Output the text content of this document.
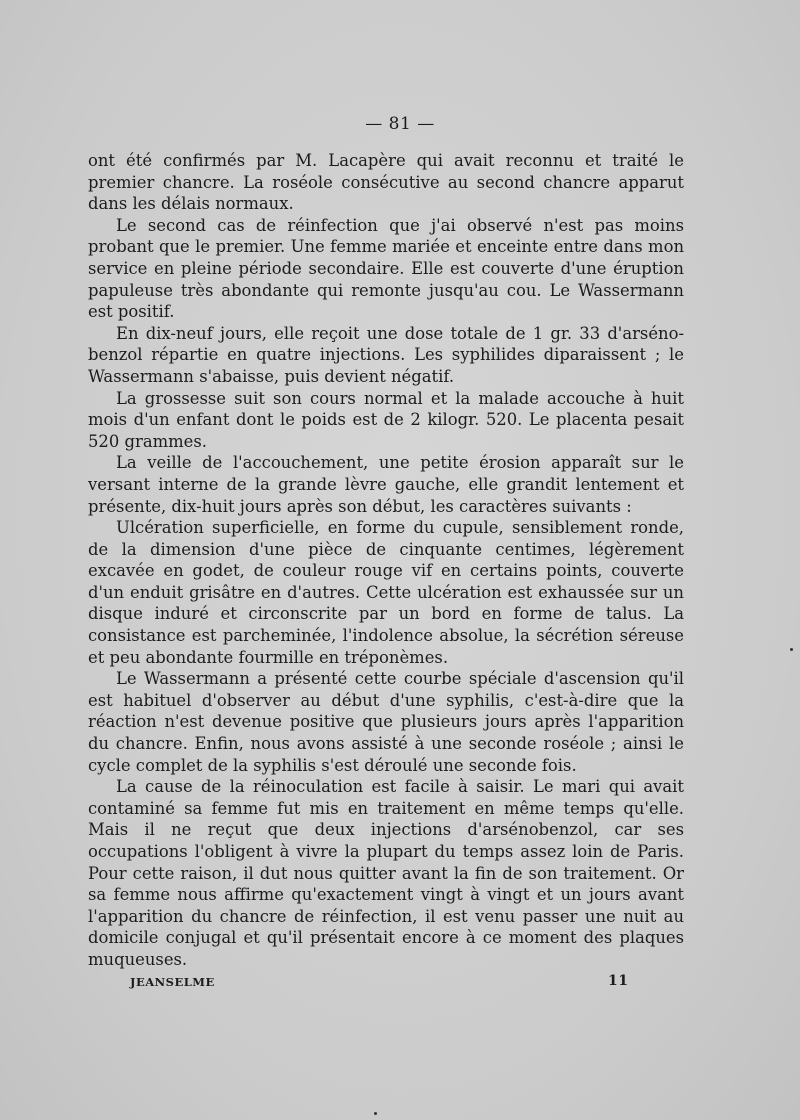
— 81 —

ont été confirmés par M. Lacapère qui avait reconnu et traité le premier chancre. La roséole consécutive au second chancre apparut dans les délais normaux.

Le second cas de réinfection que j'ai observé n'est pas moins probant que le premier. Une femme mariée et enceinte entre dans mon service en pleine période secondaire. Elle est couverte d'une éruption papuleuse très abondante qui remonte jusqu'au cou. Le Wassermann est positif.

En dix-neuf jours, elle reçoit une dose totale de 1 gr. 33 d'arséno-benzol répartie en quatre injections. Les syphilides diparaissent ; le Wassermann s'abaisse, puis devient négatif.

La grossesse suit son cours normal et la malade accouche à huit mois d'un enfant dont le poids est de 2 kilogr. 520. Le placenta pesait 520 grammes.

La veille de l'accouchement, une petite érosion apparaît sur le versant interne de la grande lèvre gauche, elle grandit lentement et présente, dix-huit jours après son début, les caractères suivants :

Ulcération superficielle, en forme du cupule, sensiblement ronde, de la dimension d'une pièce de cinquante centimes, légèrement excavée en godet, de couleur rouge vif en certains points, couverte d'un enduit grisâtre en d'autres. Cette ulcération est exhaussée sur un disque induré et circonscrite par un bord en forme de talus. La consistance est parcheminée, l'indolence absolue, la sécrétion séreuse et peu abondante fourmille en tréponèmes.

Le Wassermann a présenté cette courbe spéciale d'ascension qu'il est habituel d'observer au début d'une syphilis, c'est-à-dire que la réaction n'est devenue positive que plusieurs jours après l'apparition du chancre. Enfin, nous avons assisté à une seconde roséole ; ainsi le cycle complet de la syphilis s'est déroulé une seconde fois.

La cause de la réinoculation est facile à saisir. Le mari qui avait contaminé sa femme fut mis en traitement en même temps qu'elle. Mais il ne reçut que deux injections d'arsénobenzol, car ses occupations l'obligent à vivre la plupart du temps assez loin de Paris. Pour cette raison, il dut nous quitter avant la fin de son traitement. Or sa femme nous affirme qu'exactement vingt à vingt et un jours avant l'apparition du chancre de réinfection, il est venu passer une nuit au domicile conjugal et qu'il présentait encore à ce moment des plaques muqueuses.

JEANSELME	11
